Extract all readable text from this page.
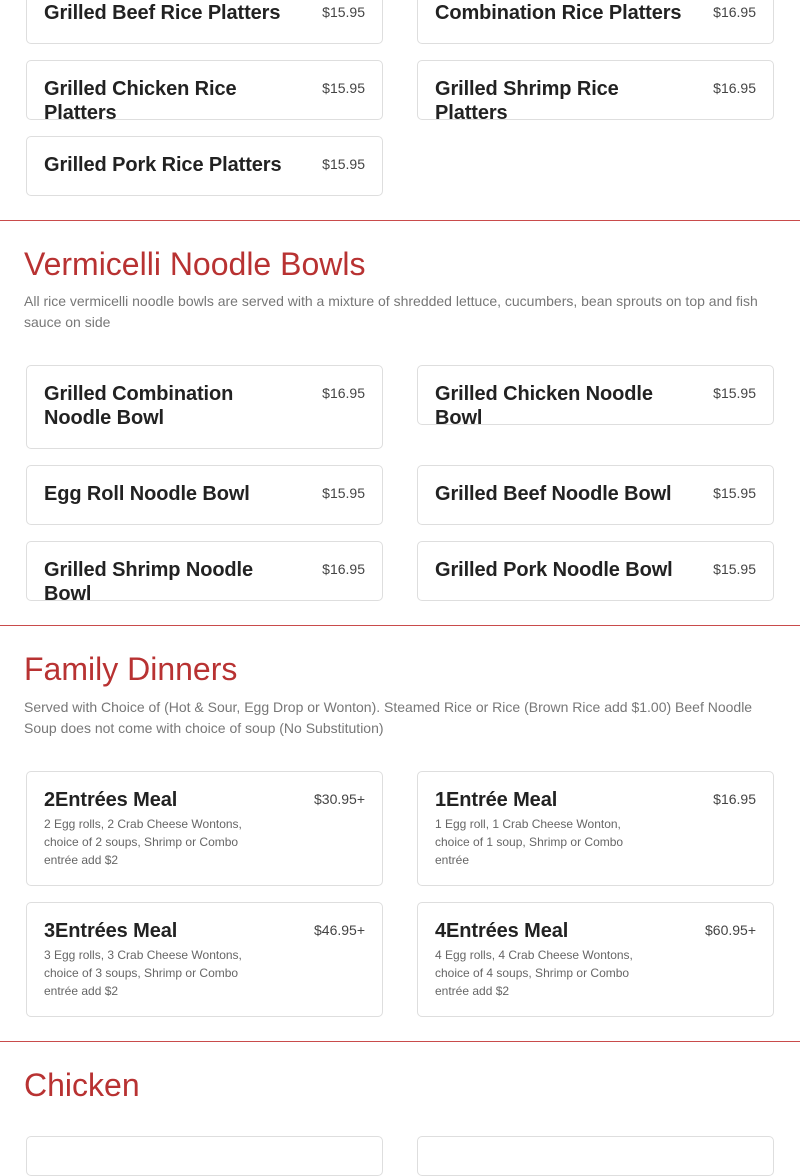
Grilled Beef Rice Platters	$15.95	Combination Rice Platters	$16.95
Grilled Chicken Rice Platters
$15.95	Grilled Shrimp Rice Platters
$16.95
Grilled Pork Rice Platters	$15.95
Vermicelli Noodle Bowls
All rice vermicelli noodle bowls are served with a mixture of shredded lettuce, cucumbers, bean sprouts on top and fish sauce on side
Grilled Combination Noodle Bowl
$16.95	Grilled Chicken Noodle Bowl
$15.95
Egg Roll Noodle Bowl	$15.95	Grilled Beef Noodle Bowl	$15.95
Grilled Shrimp Noodle Bowl
$16.95	Grilled Pork Noodle Bowl	$15.95
Family Dinners
Served with Choice of (Hot & Sour, Egg Drop or Wonton). Steamed Rice or Rice (Brown Rice add $1.00) Beef Noodle Soup does not come with choice of soup (No Substitution)
2Entrées Meal	$30.95+
2 Egg rolls, 2 Crab Cheese Wontons, choice of 2 soups, Shrimp or Combo entrée add $2
1Entrée Meal	$16.95
1 Egg roll, 1 Crab Cheese Wonton, choice of 1 soup, Shrimp or Combo entrée
3Entrées Meal	$46.95+
3 Egg rolls, 3 Crab Cheese Wontons, choice of 3 soups, Shrimp or Combo entrée add $2
4Entrées Meal	$60.95+
4 Egg rolls, 4 Crab Cheese Wontons, choice of 4 soups, Shrimp or Combo entrée add $2
Chicken
